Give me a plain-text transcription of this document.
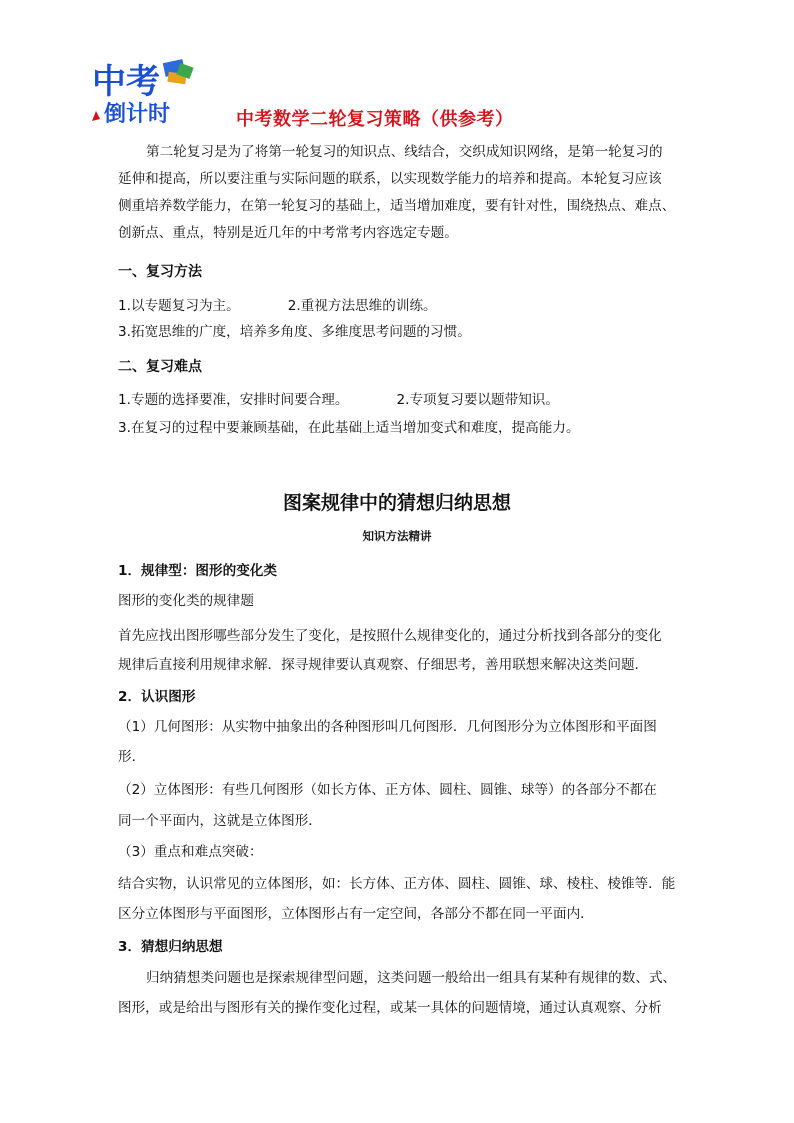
中考
倒计时	中考数学二轮复习策略（供参考）
第二轮复习是为了将第一轮复习的知识点、线结合，交织成知识网络，是第一轮复习的
延伸和提高，所以要注重与实际问题的联系，以实现数学能力的培养和提高。本轮复习应该
侧重培养数学能力，在第一轮复习的基础上，适当增加难度，要有针对性，围绕热点、难点、
创新点、重点，特别是近几年的中考常考内容选定专题。
一、复习方法
1.以专题复习为主。	2.重视方法思维的训练。
3.拓宽思维的广度，培养多角度、多维度思考问题的习惯。
二、复习难点
1.专题的选择要准，安排时间要合理。	2.专项复习要以题带知识。
3.在复习的过程中要兼顾基础，在此基础上适当增加变式和难度，提高能力。
图案规律中的猜想归纳思想
知识方法精讲
1．规律型：图形的变化类
图形的变化类的规律题
首先应找出图形哪些部分发生了变化，是按照什么规律变化的，通过分析找到各部分的变化
规律后直接利用规律求解．探寻规律要认真观察、仔细思考，善用联想来解决这类问题．
2．认识图形
（1）几何图形：从实物中抽象出的各种图形叫几何图形．几何图形分为立体图形和平面图
形．
（2）立体图形：有些几何图形（如长方体、正方体、圆柱、圆锥、球等）的各部分不都在
同一个平面内，这就是立体图形．
（3）重点和难点突破：
结合实物，认识常见的立体图形，如：长方体、正方体、圆柱、圆锥、球、棱柱、棱锥等．能
区分立体图形与平面图形，立体图形占有一定空间，各部分不都在同一平面内．
3．猜想归纳思想
归纳猜想类问题也是探索规律型问题，这类问题一般给出一组具有某种有规律的数、式、
图形，或是给出与图形有关的操作变化过程，或某一具体的问题情境，通过认真观察、分析
